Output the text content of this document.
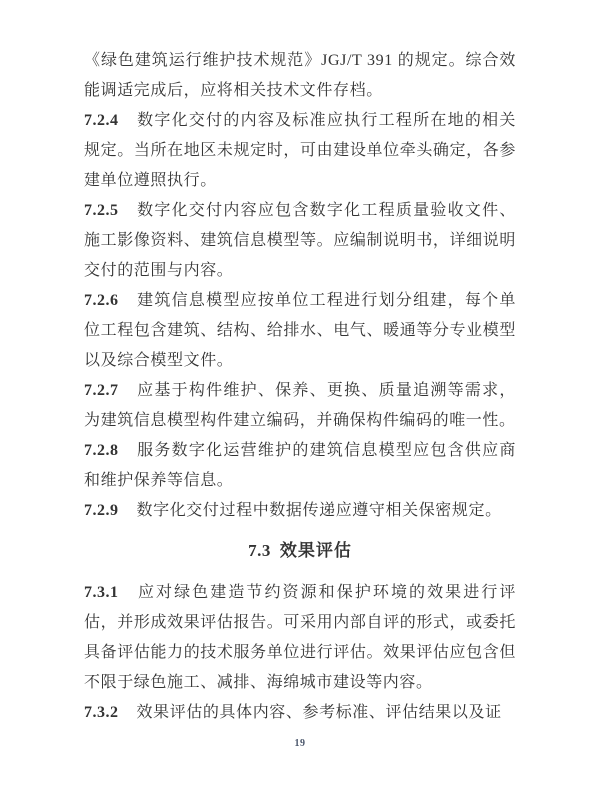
《绿色建筑运行维护技术规范》JGJ/T 391 的规定。综合效能调适完成后，应将相关技术文件存档。

7.2.4 数字化交付的内容及标准应执行工程所在地的相关规定。当所在地区未规定时，可由建设单位牵头确定，各参建单位遵照执行。

7.2.5 数字化交付内容应包含数字化工程质量验收文件、施工影像资料、建筑信息模型等。应编制说明书，详细说明交付的范围与内容。

7.2.6 建筑信息模型应按单位工程进行划分组建，每个单位工程包含建筑、结构、给排水、电气、暖通等分专业模型以及综合模型文件。

7.2.7 应基于构件维护、保养、更换、质量追溯等需求，为建筑信息模型构件建立编码，并确保构件编码的唯一性。

7.2.8 服务数字化运营维护的建筑信息模型应包含供应商和维护保养等信息。

7.2.9 数字化交付过程中数据传递应遵守相关保密规定。

7.3 效果评估

7.3.1 应对绿色建造节约资源和保护环境的效果进行评估，并形成效果评估报告。可采用内部自评的形式，或委托具备评估能力的技术服务单位进行评估。效果评估应包含但不限于绿色施工、减排、海绵城市建设等内容。

7.3.2 效果评估的具体内容、参考标准、评估结果以及证

19
